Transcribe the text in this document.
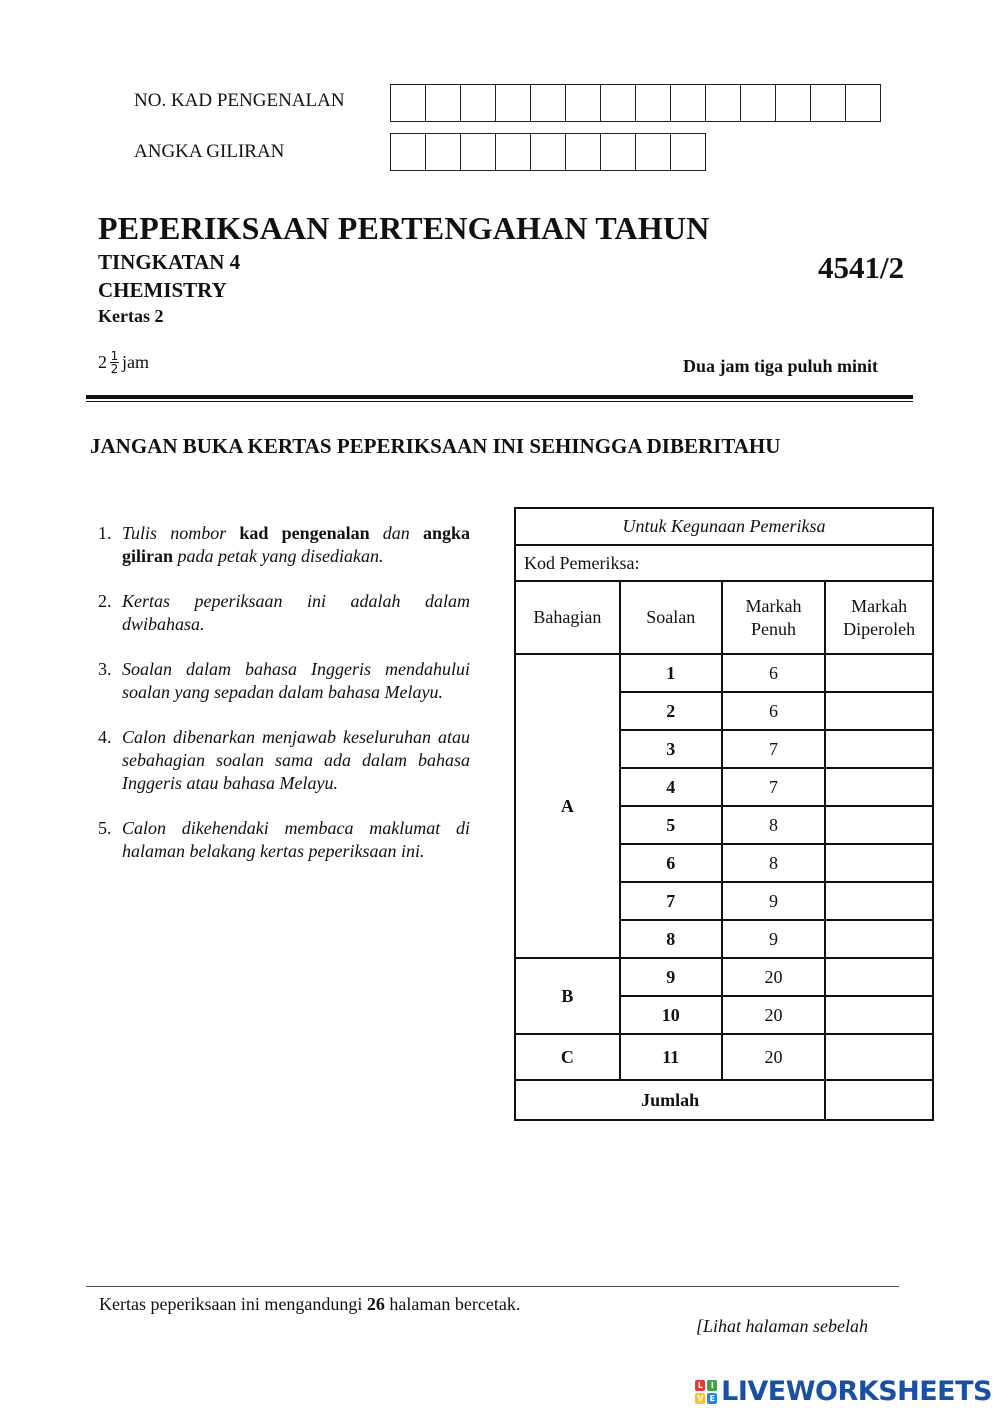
NO. KAD PENGENALAN
ANGKA GILIRAN
PEPERIKSAAN PERTENGAHAN TAHUN
TINGKATAN 4
CHEMISTRY
Kertas 2
4541/2
$2 \frac{1}{2}$ jam	Dua jam tiga puluh minit
JANGAN BUKA KERTAS PEPERIKSAAN INI SEHINGGA DIBERITAHU
1. Tulis nombor kad pengenalan dan angka giliran pada petak yang disediakan.
2. Kertas peperiksaan ini adalah dalam dwibahasa.
3. Soalan dalam bahasa Inggeris mendahului soalan yang sepadan dalam bahasa Melayu.
4. Calon dibenarkan menjawab keseluruhan atau sebahagian soalan sama ada dalam bahasa Inggeris atau bahasa Melayu.
5. Calon dikehendaki membaca maklumat di halaman belakang kertas peperiksaan ini.
Untuk Kegunaan Pemeriksa			
Kod Pemeriksa:			
Bahagian	Soalan	Markah Penuh	Markah Diperoleh
A	1	6	
	2	6	
	3	7	
	4	7	
	5	8	
	6	8	
	7	9	
	8	9	
B	9	20	
	10	20	
C	11	20	
Jumlah			
Kertas peperiksaan ini mengandungi 26 halaman bercetak.
[Lihat halaman sebelah
L	I
V E LIVEWORKSHEETS
